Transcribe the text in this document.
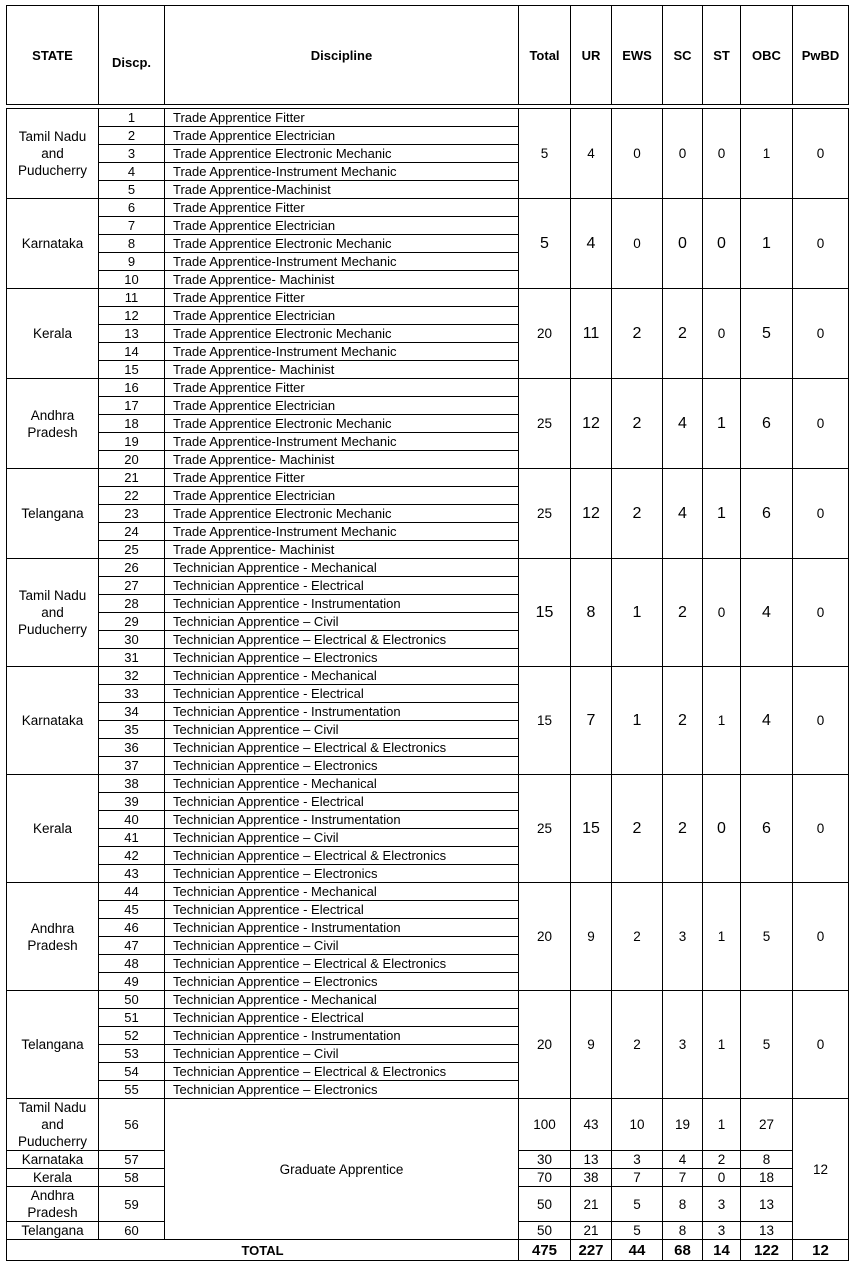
STATE	Discp.	Discipline	Total	UR	EWS	SC	ST	OBC	PwBD

Tamil Nadu and Puducherry	1	Trade Apprentice Fitter	5	4	0	0	0	1	0
	2	Trade Apprentice Electrician							
	3	Trade Apprentice Electronic Mechanic							
	4	Trade Apprentice-Instrument Mechanic							
	5	Trade Apprentice-Machinist							
Karnataka	6	Trade Apprentice Fitter	5	4	0	0	0	1	0
	7	Trade Apprentice Electrician							
	8	Trade Apprentice Electronic Mechanic							
	9	Trade Apprentice-Instrument Mechanic							
	10	Trade Apprentice- Machinist							
Kerala	11	Trade Apprentice Fitter	20	11	2	2	0	5	0
	12	Trade Apprentice Electrician							
	13	Trade Apprentice Electronic Mechanic							
	14	Trade Apprentice-Instrument Mechanic							
	15	Trade Apprentice- Machinist							
Andhra Pradesh	16	Trade Apprentice Fitter	25	12	2	4	1	6	0
	17	Trade Apprentice Electrician							
	18	Trade Apprentice Electronic Mechanic							
	19	Trade Apprentice-Instrument Mechanic							
	20	Trade Apprentice- Machinist							
Telangana	21	Trade Apprentice Fitter	25	12	2	4	1	6	0
	22	Trade Apprentice Electrician							
	23	Trade Apprentice Electronic Mechanic							
	24	Trade Apprentice-Instrument Mechanic							
	25	Trade Apprentice- Machinist							
Tamil Nadu and Puducherry	26	Technician Apprentice - Mechanical	15	8	1	2	0	4	0
	27	Technician Apprentice - Electrical							
	28	Technician Apprentice - Instrumentation							
	29	Technician Apprentice – Civil							
	30	Technician Apprentice – Electrical & Electronics							
	31	Technician Apprentice – Electronics							
Karnataka	32	Technician Apprentice - Mechanical	15	7	1	2	1	4	0
	33	Technician Apprentice - Electrical							
	34	Technician Apprentice - Instrumentation							
	35	Technician Apprentice – Civil							
	36	Technician Apprentice – Electrical & Electronics							
	37	Technician Apprentice – Electronics							
Kerala	38	Technician Apprentice - Mechanical	25	15	2	2	0	6	0
	39	Technician Apprentice - Electrical							
	40	Technician Apprentice - Instrumentation							
	41	Technician Apprentice – Civil							
	42	Technician Apprentice – Electrical & Electronics							
	43	Technician Apprentice – Electronics							
Andhra Pradesh	44	Technician Apprentice - Mechanical	20	9	2	3	1	5	0
	45	Technician Apprentice - Electrical							
	46	Technician Apprentice - Instrumentation							
	47	Technician Apprentice – Civil							
	48	Technician Apprentice – Electrical & Electronics							
	49	Technician Apprentice – Electronics							
Telangana	50	Technician Apprentice - Mechanical	20	9	2	3	1	5	0
	51	Technician Apprentice - Electrical							
	52	Technician Apprentice - Instrumentation							
	53	Technician Apprentice – Civil							
	54	Technician Apprentice – Electrical & Electronics							
	55	Technician Apprentice – Electronics							
Tamil Nadu and Puducherry	56	Graduate Apprentice	100	43	10	19	1	27	12
Karnataka	57		30	13	3	4	2	8	
Kerala	58		70	38	7	7	0	18	
Andhra Pradesh	59		50	21	5	8	3	13	
Telangana	60		50	21	5	8	3	13	
TOTAL			475	227	44	68	14	122	12
